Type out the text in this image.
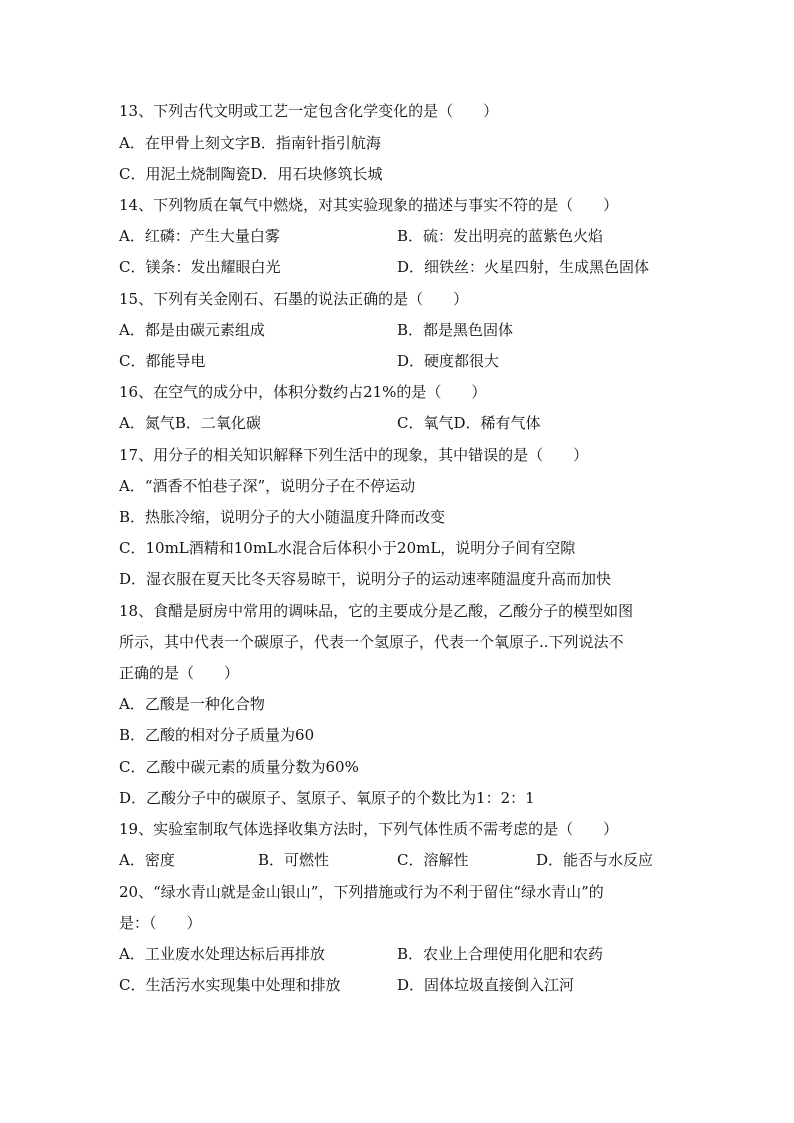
13、下列古代文明或工艺一定包含化学变化的是（　　）
A．在甲骨上刻文字B．指南针指引航海
C．用泥土烧制陶瓷D．用石块修筑长城
14、下列物质在氧气中燃烧，对其实验现象的描述与事实不符的是（　　）
A．红磷：产生大量白雾	B．硫：发出明亮的蓝紫色火焰
C．镁条：发出耀眼白光	D．细铁丝：火星四射，生成黑色固体
15、下列有关金刚石、石墨的说法正确的是（　　）
A．都是由碳元素组成	B．都是黑色固体
C．都能导电	D．硬度都很大
16、在空气的成分中，体积分数约占21%的是（　　）
A．氮气B．二氧化碳	C．氧气D．稀有气体
17、用分子的相关知识解释下列生活中的现象，其中错误的是（　　）
A．“酒香不怕巷子深”，说明分子在不停运动
B．热胀冷缩，说明分子的大小随温度升降而改变
C．10mL酒精和10mL水混合后体积小于20mL，说明分子间有空隙
D．湿衣服在夏天比冬天容易晾干，说明分子的运动速率随温度升高而加快
18、食醋是厨房中常用的调味品，它的主要成分是乙酸，乙酸分子的模型如图
所示，其中代表一个碳原子，代表一个氢原子，代表一个氧原子..下列说法不
正确的是（　　）
A．乙酸是一种化合物
B．乙酸的相对分子质量为60
C．乙酸中碳元素的质量分数为60%
D．乙酸分子中的碳原子、氢原子、氧原子的个数比为1：2：1
19、实验室制取气体选择收集方法时，下列气体性质不需考虑的是（　　）
A．密度	B．可燃性	C．溶解性	D．能否与水反应
20、“绿水青山就是金山银山”，下列措施或行为不利于留住“绿水青山”的
是：（　　）
A．工业废水处理达标后再排放	B．农业上合理使用化肥和农药
C．生活污水实现集中处理和排放	D．固体垃圾直接倒入江河
